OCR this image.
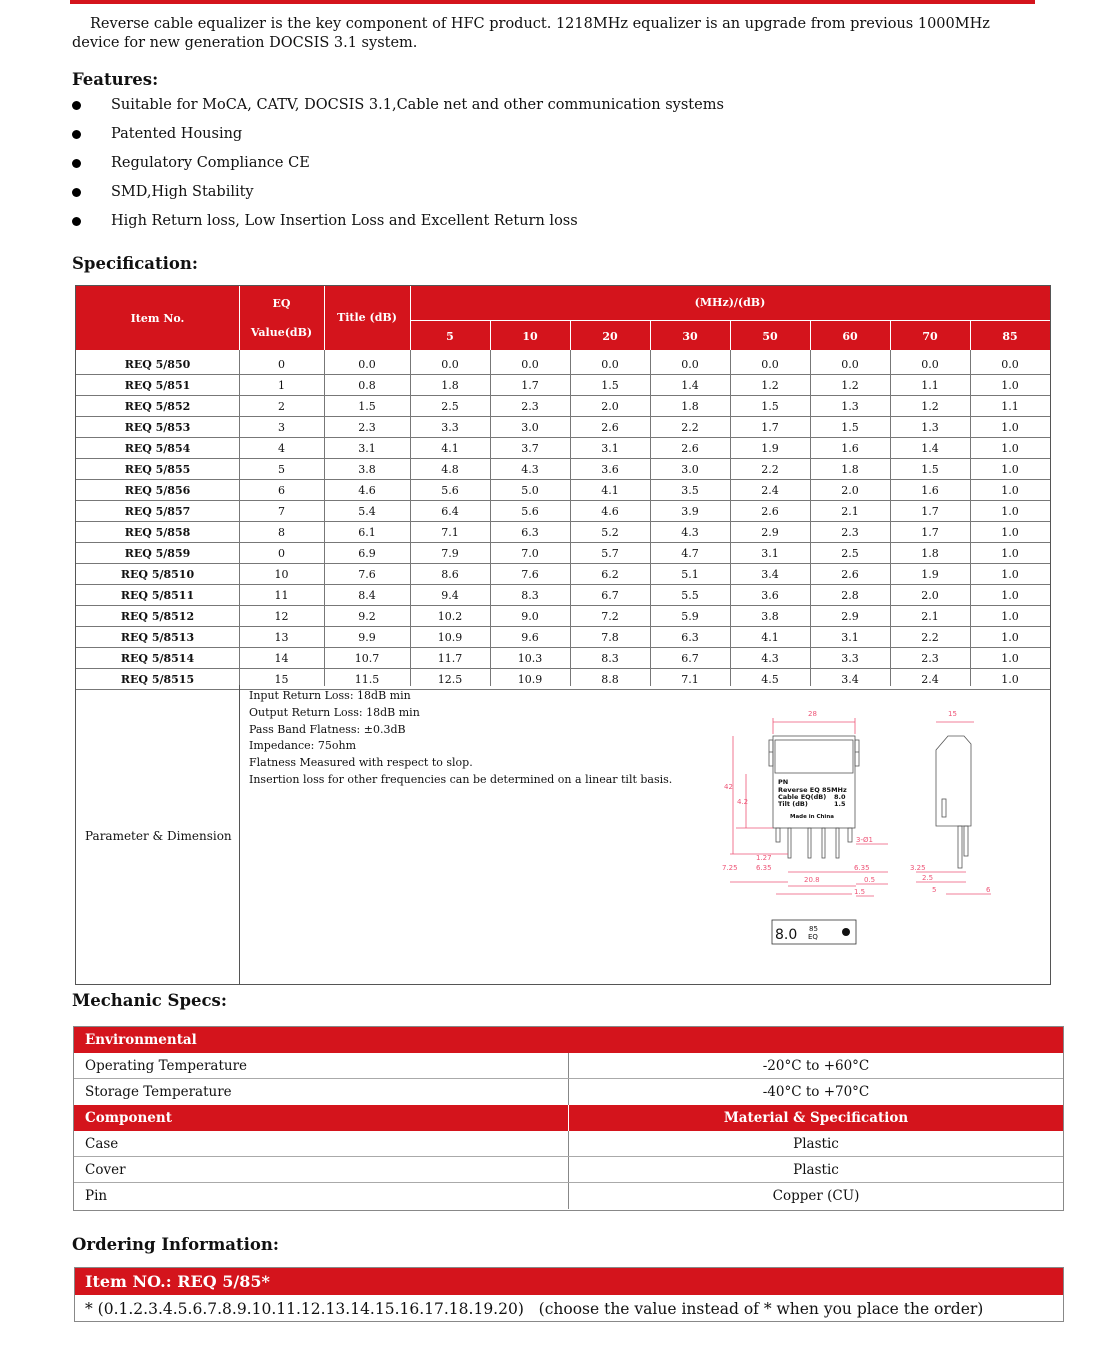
Reverse cable equalizer is the key component of HFC product. 1218MHz equalizer is an upgrade from previous 1000MHz device for new generation DOCSIS 3.1 system.

Features:
Suitable for MoCA, CATV, DOCSIS 3.1,Cable net and other communication systems
Patented Housing
Regulatory Compliance CE
SMD,High Stability
High Return loss, Low Insertion Loss and Excellent Return loss
Specification:
Item No.
EQ
Value(dB)
Title (dB)
(MHz)/(dB)
5	10	20	30	50	60	70	85
REQ 5/850	0	0.0	0.0	0.0	0.0	0.0	0.0	0.0	0.0	0.0
REQ 5/851	1	0.8	1.8	1.7	1.5	1.4	1.2	1.2	1.1	1.0
REQ 5/852	2	1.5	2.5	2.3	2.0	1.8	1.5	1.3	1.2	1.1
REQ 5/853	3	2.3	3.3	3.0	2.6	2.2	1.7	1.5	1.3	1.0
REQ 5/854	4	3.1	4.1	3.7	3.1	2.6	1.9	1.6	1.4	1.0
REQ 5/855	5	3.8	4.8	4.3	3.6	3.0	2.2	1.8	1.5	1.0
REQ 5/856	6	4.6	5.6	5.0	4.1	3.5	2.4	2.0	1.6	1.0
REQ 5/857	7	5.4	6.4	5.6	4.6	3.9	2.6	2.1	1.7	1.0
REQ 5/858	8	6.1	7.1	6.3	5.2	4.3	2.9	2.3	1.7	1.0
REQ 5/859	0	6.9	7.9	7.0	5.7	4.7	3.1	2.5	1.8	1.0
REQ 5/8510	10	7.6	8.6	7.6	6.2	5.1	3.4	2.6	1.9	1.0
REQ 5/8511	11	8.4	9.4	8.3	6.7	5.5	3.6	2.8	2.0	1.0
REQ 5/8512	12	9.2	10.2	9.0	7.2	5.9	3.8	2.9	2.1	1.0
REQ 5/8513	13	9.9	10.9	9.6	7.8	6.3	4.1	3.1	2.2	1.0
REQ 5/8514	14	10.7	11.7	10.3	8.3	6.7	4.3	3.3	2.3	1.0
REQ 5/8515	15	11.5	12.5	10.9	8.8	7.1	4.5	3.4	2.4	1.0
Parameter & Dimension
Input Return Loss: 18dB min
Output Return Loss: 18dB min
Pass Band Flatness: ±0.3dB
Impedance: 75ohm
Flatness Measured with respect to slop.
Insertion loss for other frequencies can be determined on a linear tilt basis.
28	15
42
4.2
7.25
1.27
6.35
20.8
6.35
0.5
1.5
3-Ø1
3.25
2.5
5	6
PN
Reverse EQ 85MHz
Cable EQ(dB) 8.0
Tilt (dB)	1.5
Made in China
8.0 85
EQ
Mechanic Specs:
Environmental
Operating Temperature	-20°C to +60°C
Storage Temperature	-40°C to +70°C
Component	Material & Specification
Case	Plastic
Cover	Plastic
Pin	Copper (CU)
Ordering Information:
Item NO.: REQ 5/85*
* (0.1.2.3.4.5.6.7.8.9.10.11.12.13.14.15.16.17.18.19.20) (choose the value instead of * when you place the order)
